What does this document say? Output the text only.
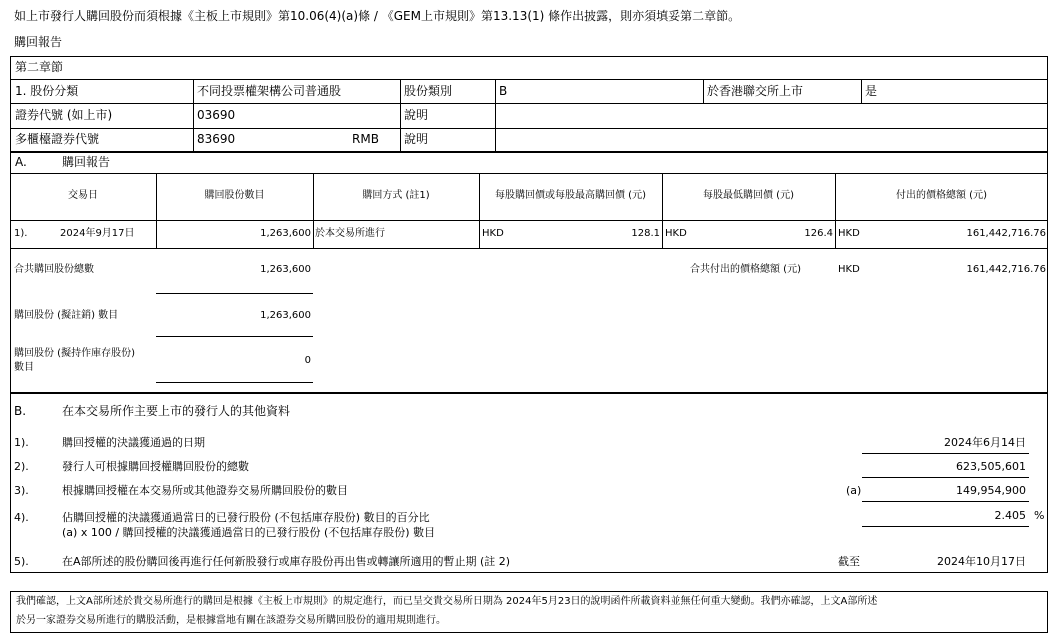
如上市發行人購回股份而須根據《主板上市規則》第10.06(4)(a)條 / 《GEM上市規則》第13.13(1) 條作出披露，則亦須填妥第二章節。
購回報告
第二章節
1. 股份分類	不同投票權架構公司普通股	股份類別	B	於香港聯交所上市	是
證券代號 (如上市)	03690	說明
多櫃檯證券代號	83690	RMB 說明
A.	購回報告
交易日	購回股份數目	購回方式 (註1)	每股購回價或每股最高購回價 (元)	每股最低購回價 (元)	付出的價格總額 (元)
1).	2024年9月17日	1,263,600 於本交易所進行	HKD	128.1 HKD	126.4 HKD	161,442,716.76
合共購回股份總數	1,263,600	合共付出的價格總額 (元)	HKD	161,442,716.76
購回股份 (擬註銷) 數目	1,263,600
購回股份 (擬持作庫存股份)
數目
0
B.	在本交易所作主要上市的發行人的其他資料
1).	購回授權的決議獲通過的日期	2024年6月14日
2).	發行人可根據購回授權購回股份的總數	623,505,601
3).	根據購回授權在本交易所或其他證券交易所購回股份的數目	(a)	149,954,900
4).	佔購回授權的決議獲通過當日的已發行股份 (不包括庫存股份) 數目的百分比
(a) x 100 / 購回授權的決議獲通過當日的已發行股份 (不包括庫存股份) 數目
2.405 %
5).	在A部所述的股份購回後再進行任何新股發行或庫存股份再出售或轉讓所適用的暫止期 (註 2)	截至	2024年10月17日
我們確認，上文A部所述於貴交易所進行的購回是根據《主板上市規則》的規定進行，而已呈交貴交易所日期為 2024年5月23日的說明函件所載資料並無任何重大變動。我們亦確認，上文A部所述
於另一家證券交易所進行的購股活動，是根據當地有關在該證券交易所購回股份的適用規則進行。
